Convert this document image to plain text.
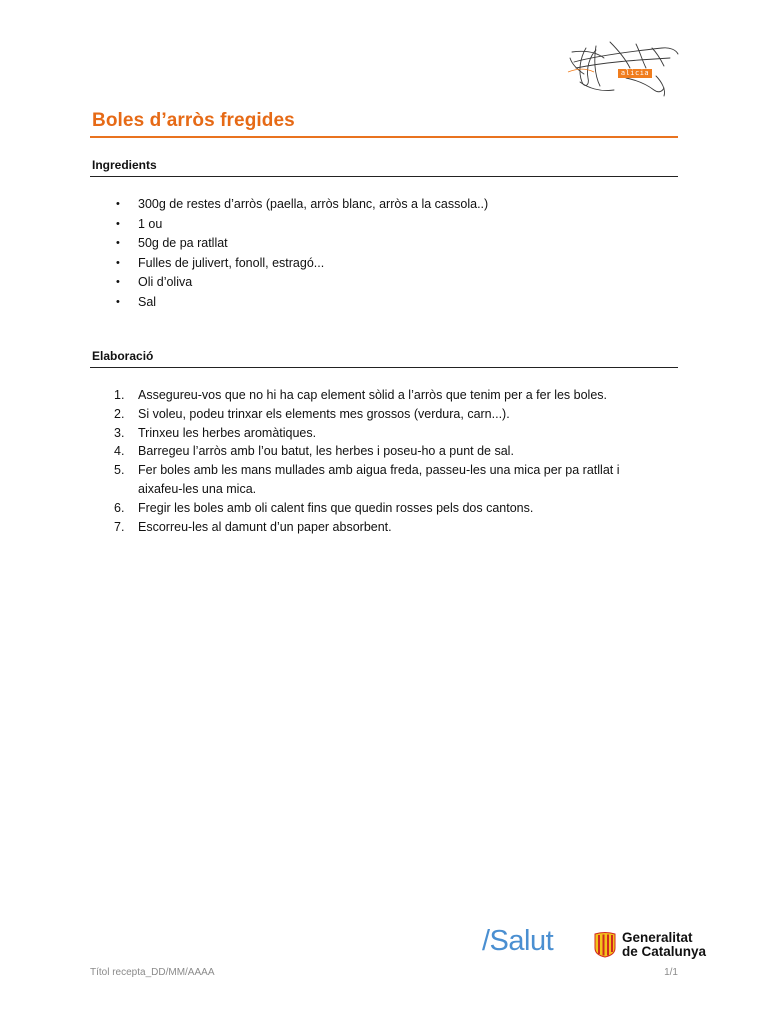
alicia
Boles d’arròs fregides
Ingredients
• 300g de restes d’arròs (paella, arròs blanc, arròs a la cassola..)
• 1 ou
• 50g de pa ratllat
• Fulles de julivert, fonoll, estragó...
• Oli d’oliva
• Sal
Elaboració
1. Assegureu-vos que no hi ha cap element sòlid a l’arròs que tenim per a fer les boles.
2. Si voleu, podeu trinxar els elements mes grossos (verdura, carn...).
3. Trinxeu les herbes aromàtiques.
4. Barregeu l’arròs amb l’ou batut, les herbes i poseu-ho a punt de sal.
5. Fer boles amb les mans mullades amb aigua freda, passeu-les una mica per pa ratllat i aixafeu-les una mica.
6. Fregir les boles amb oli calent fins que quedin rosses pels dos cantons.
7. Escorreu-les al damunt d’un paper absorbent.
/Salut	Generalitat
de Catalunya
Títol recepta_DD/MM/AAAA	1/1
